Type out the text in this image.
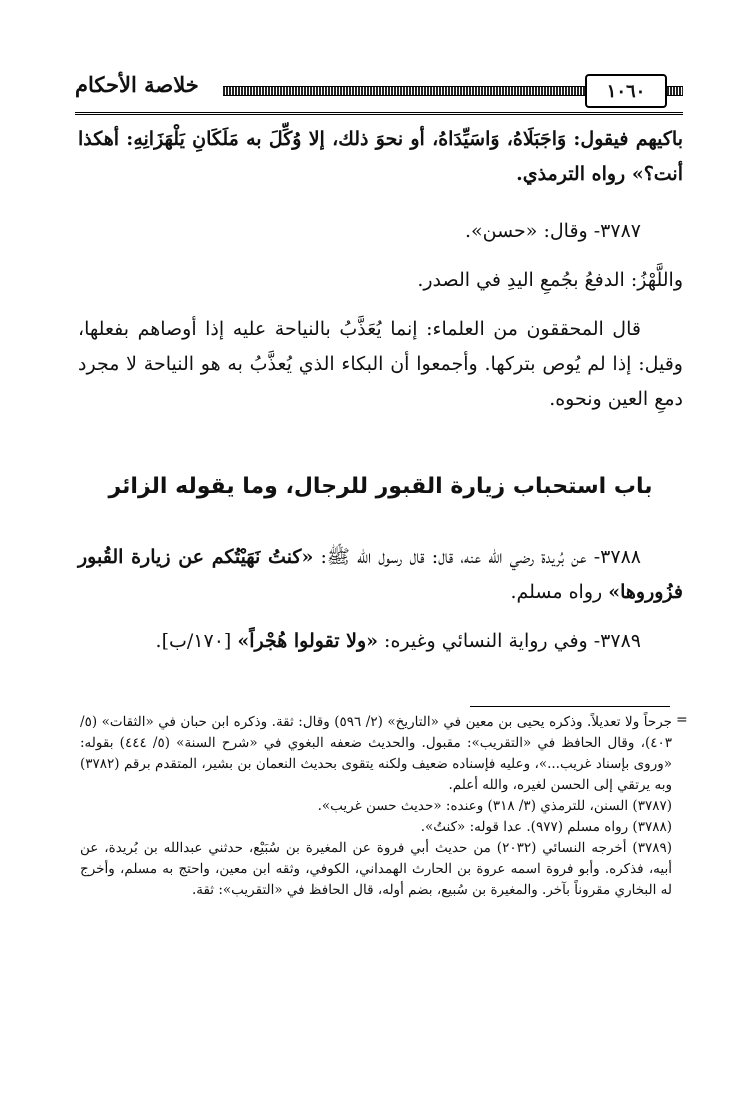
١٠٦٠
خلاصة الأحكام

باكيهم فيقول: وَاجَبَلَاهُ، وَاسَيِّدَاهُ، أو نحوَ ذلك، إلا وُكِّلَ به مَلَكَانِ يَلْهَزَانِهِ: أهكذا أنت؟» رواه الترمذي.

٣٧٨٧- وقال: «حسن».

واللَّهْزُ: الدفعُ بجُمعِ اليدِ في الصدر.

قال المحققون من العلماء: إنما يُعَذَّبُ بالنياحة عليه إذا أوصاهم بفعلها، وقيل: إذا لم يُوص بتركها. وأجمعوا أن البكاء الذي يُعذَّبُ به هو النياحة لا مجرد دمعِ العين ونحوه.

باب استحباب زيارة القبور للرجال، وما يقوله الزائر

٣٧٨٨- عن بُريدة رضي الله عنه، قال: قال رسول الله ﷺ: «كنتُ نَهَيْتُكم عن زيارة القُبور فزُوروها» رواه مسلم.

٣٧٨٩- وفي رواية النسائي وغيره: «ولا تقولوا هُجْراً» [١٧٠/ب].

=

جرحاً ولا تعديلاً. وذكره يحيى بن معين في «التاريخ» (٢/ ٥٩٦) وقال: ثقة. وذكره ابن حبان في «الثقات» (٥/ ٤٠٣)، وقال الحافظ في «التقريب»: مقبول. والحديث ضعفه البغوي في «شرح السنة» (٥/ ٤٤٤) بقوله: «وروى بإسناد غريب...»، وعليه فإسناده ضعيف ولكنه يتقوى بحديث النعمان بن بشير، المتقدم برقم (٣٧٨٢) وبه يرتقي إلى الحسن لغيره، والله أعلم.

(٣٧٨٧) السنن، للترمذي (٣/ ٣١٨) وعنده: «حديث حسن غريب».

(٣٧٨٨) رواه مسلم (٩٧٧). عدا قوله: «كنتُ».

(٣٧٨٩) أخرجه النسائي (٢٠٣٢) من حديث أبي فروة عن المغيرة بن سُبَيْع، حدثني عبدالله بن بُريدة، عن أبيه، فذكره. وأبو فروة اسمه عروة بن الحارث الهمداني، الكوفي، وثقه ابن معين، واحتج به مسلم، وأخرج له البخاري مقروناً بآخر. والمغيرة بن سُبيع، بضم أوله، قال الحافظ في «التقريب»: ثقة.
